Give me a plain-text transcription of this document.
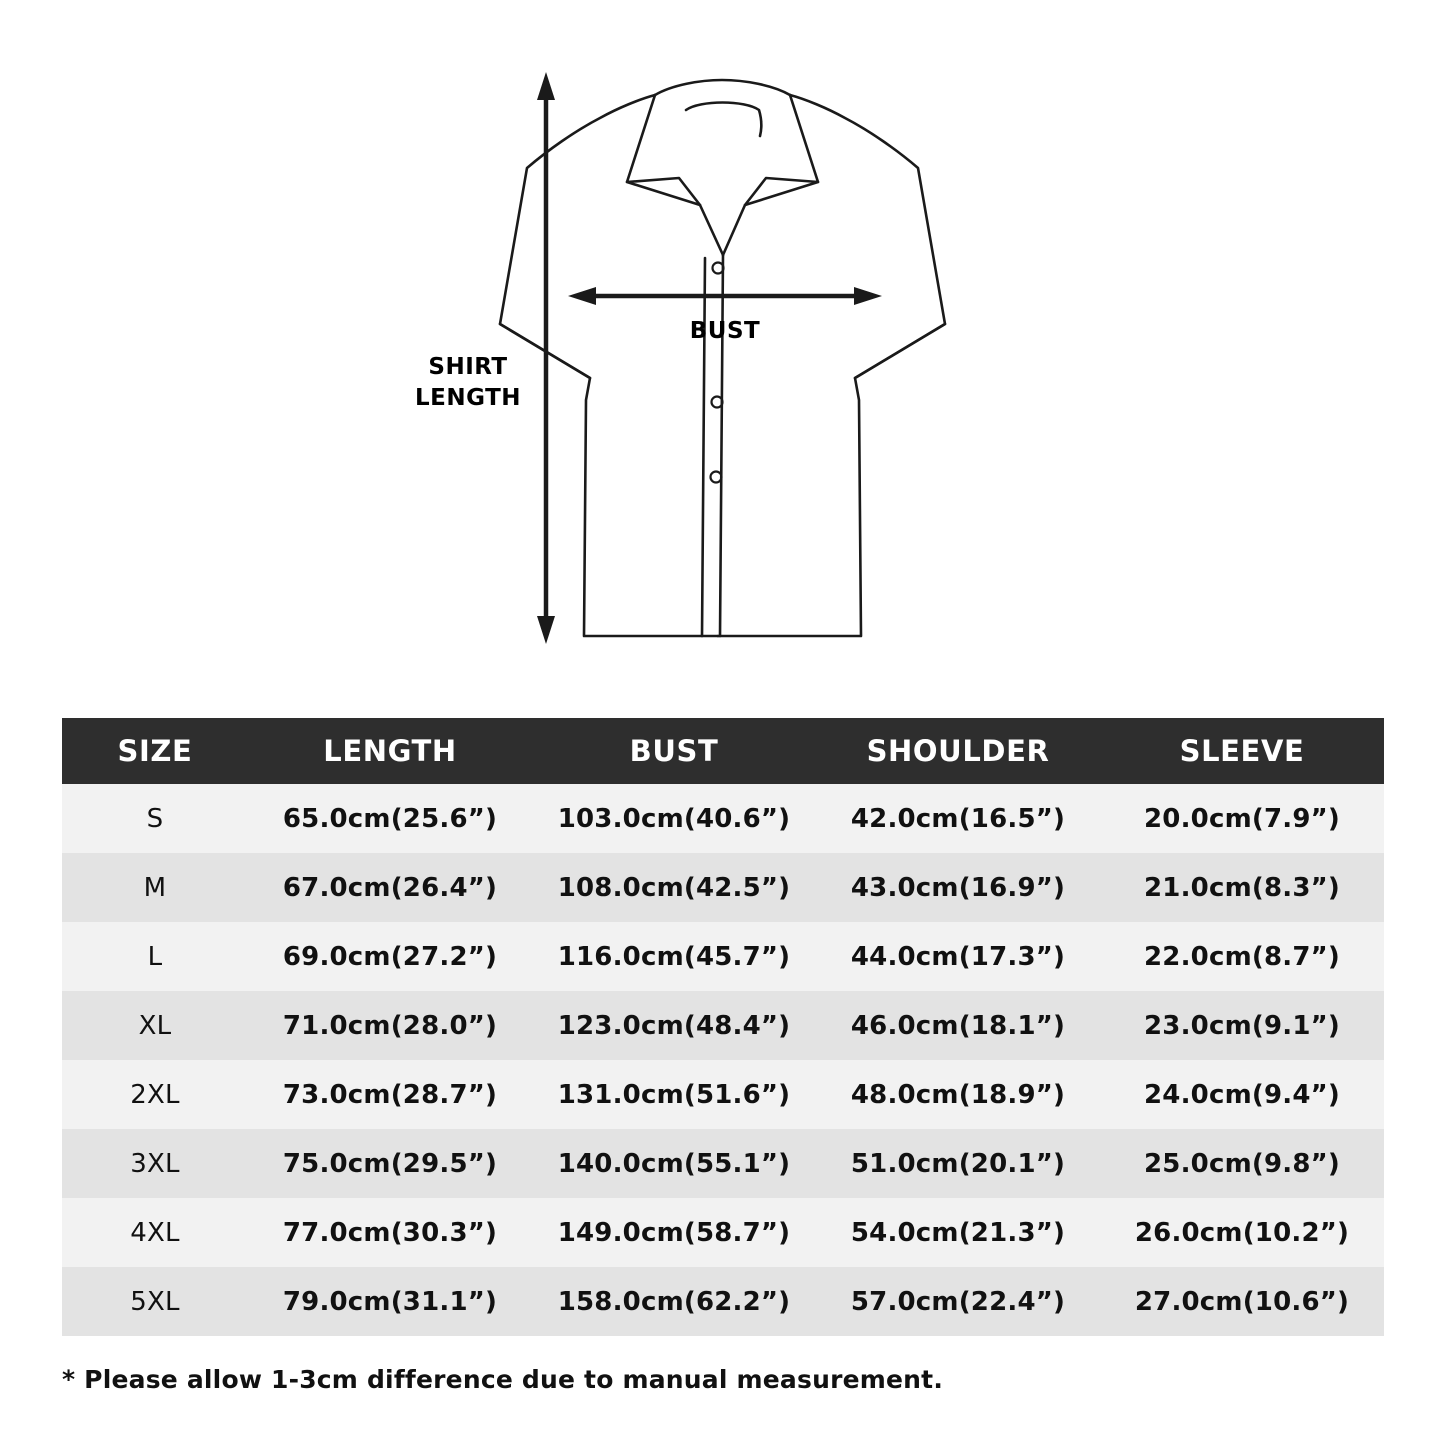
SHIRT
LENGTH
BUST
SIZE	LENGTH	BUST	SHOULDER	SLEEVE
S	65.0cm(25.6”)	103.0cm(40.6”)	42.0cm(16.5”)	20.0cm(7.9”)
M	67.0cm(26.4”)	108.0cm(42.5”)	43.0cm(16.9”)	21.0cm(8.3”)
L	69.0cm(27.2”)	116.0cm(45.7”)	44.0cm(17.3”)	22.0cm(8.7”)
XL	71.0cm(28.0”)	123.0cm(48.4”)	46.0cm(18.1”)	23.0cm(9.1”)
2XL	73.0cm(28.7”)	131.0cm(51.6”)	48.0cm(18.9”)	24.0cm(9.4”)
3XL	75.0cm(29.5”)	140.0cm(55.1”)	51.0cm(20.1”)	25.0cm(9.8”)
4XL	77.0cm(30.3”)	149.0cm(58.7”)	54.0cm(21.3”)	26.0cm(10.2”)
5XL	79.0cm(31.1”)	158.0cm(62.2”)	57.0cm(22.4”)	27.0cm(10.6”)
* Please allow 1-3cm difference due to manual measurement.
